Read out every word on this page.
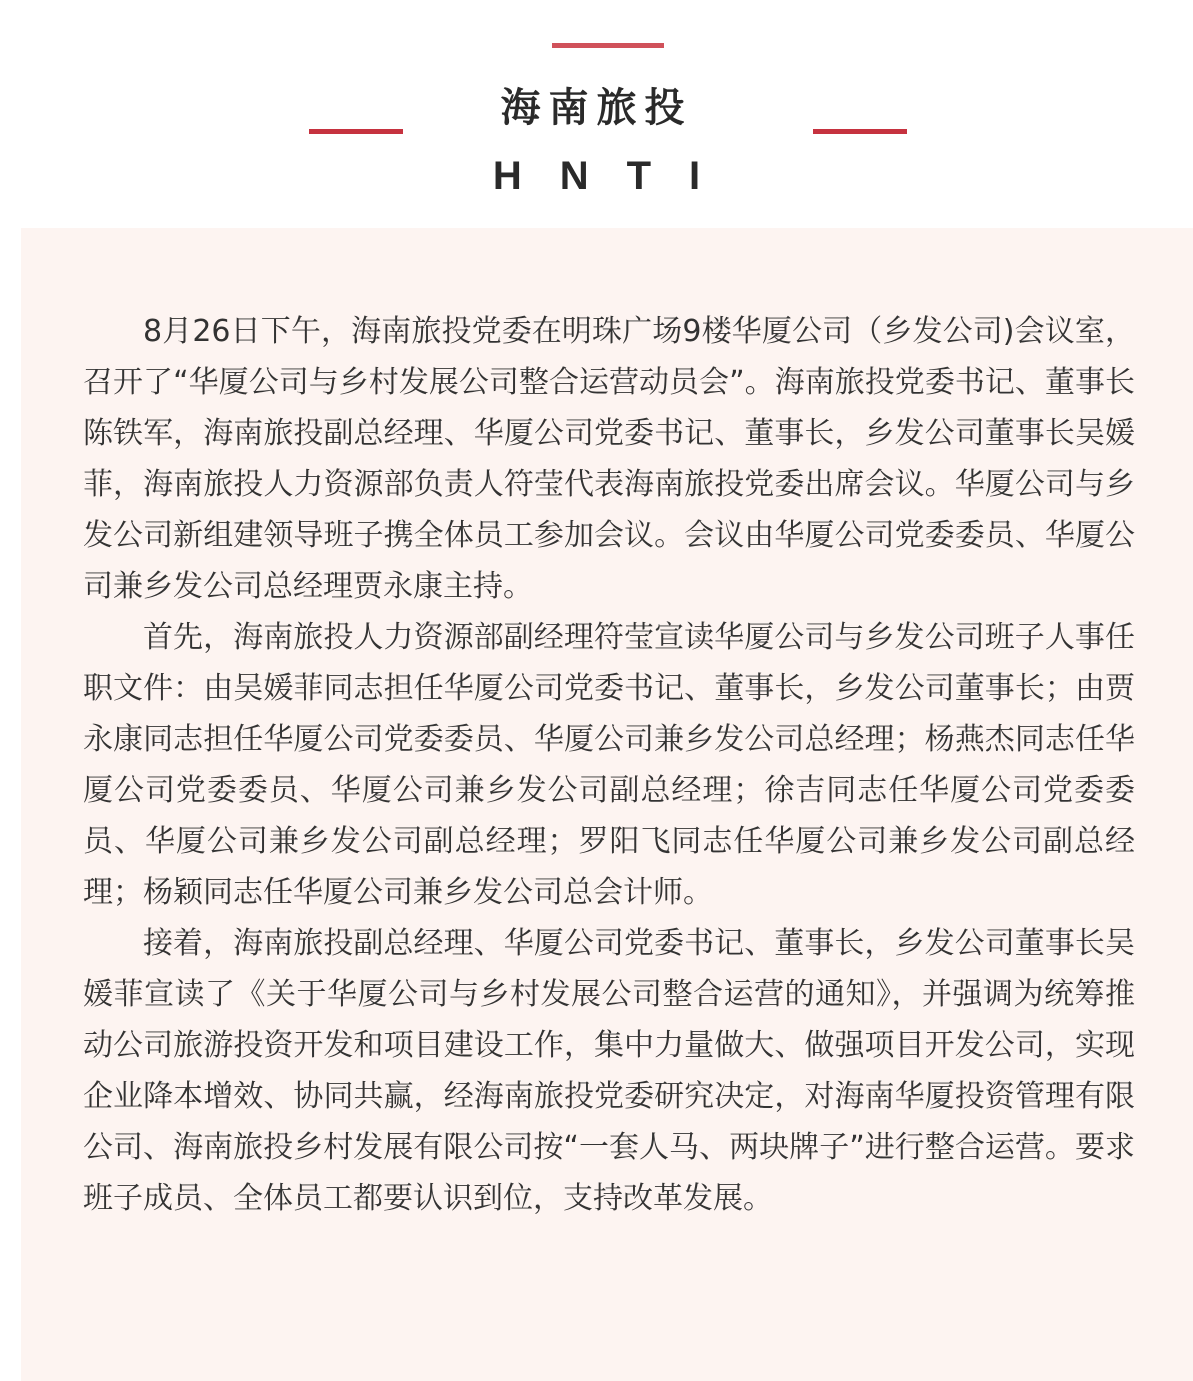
海南旅投
HNTI

8月26日下午，海南旅投党委在明珠广场9楼华厦公司（乡发公司)会议室，召开了“华厦公司与乡村发展公司整合运营动员会”。海南旅投党委书记、董事长陈铁军，海南旅投副总经理、华厦公司党委书记、董事长，乡发公司董事长吴媛菲，海南旅投人力资源部负责人符莹代表海南旅投党委出席会议。华厦公司与乡发公司新组建领导班子携全体员工参加会议。会议由华厦公司党委委员、华厦公司兼乡发公司总经理贾永康主持。

首先，海南旅投人力资源部副经理符莹宣读华厦公司与乡发公司班子人事任职文件：由吴媛菲同志担任华厦公司党委书记、董事长，乡发公司董事长；由贾永康同志担任华厦公司党委委员、华厦公司兼乡发公司总经理；杨燕杰同志任华厦公司党委委员、华厦公司兼乡发公司副总经理；徐吉同志任华厦公司党委委员、华厦公司兼乡发公司副总经理；罗阳飞同志任华厦公司兼乡发公司副总经理；杨颖同志任华厦公司兼乡发公司总会计师。

接着，海南旅投副总经理、华厦公司党委书记、董事长，乡发公司董事长吴媛菲宣读了《关于华厦公司与乡村发展公司整合运营的通知》，并强调为统筹推动公司旅游投资开发和项目建设工作，集中力量做大、做强项目开发公司，实现企业降本增效、协同共赢，经海南旅投党委研究决定，对海南华厦投资管理有限公司、海南旅投乡村发展有限公司按“一套人马、两块牌子”进行整合运营。要求班子成员、全体员工都要认识到位，支持改革发展。
